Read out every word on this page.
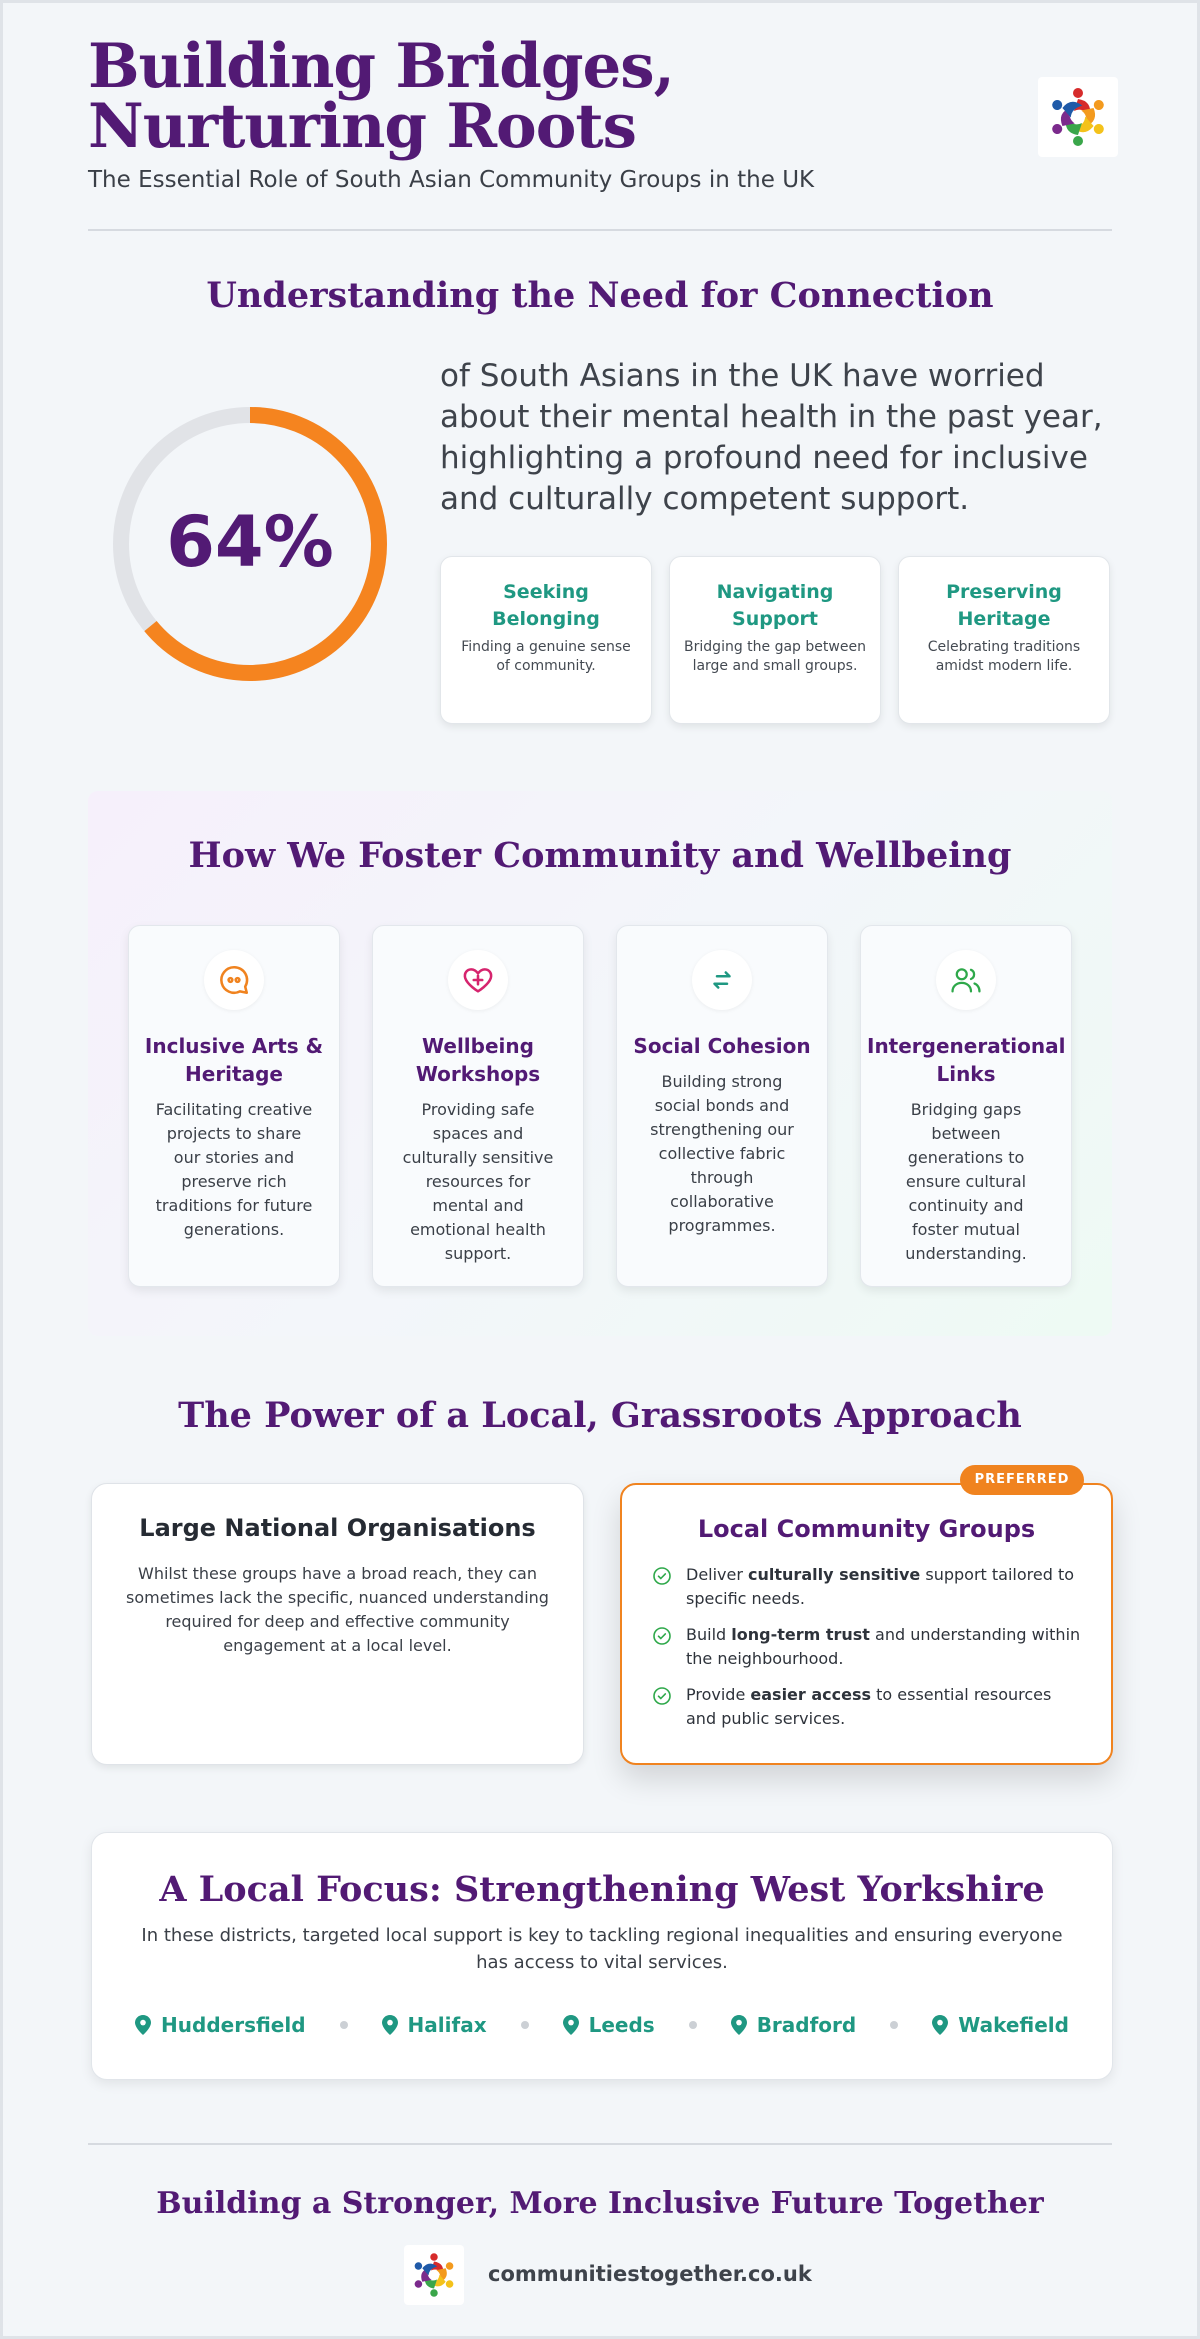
Building Bridges, Nurturing Roots
The Essential Role of South Asian Community Groups in the UK
Understanding the Need for Connection
64%
of South Asians in the UK have worried about their mental health in the past year, highlighting a profound need for inclusive and culturally competent support.
Seeking Belonging
Finding a genuine sense of community.
Navigating Support
Bridging the gap between large and small groups.
Preserving Heritage
Celebrating traditions amidst modern life.
How We Foster Community and Wellbeing
Inclusive Arts & Heritage
Facilitating creative projects to share our stories and preserve rich traditions for future generations.
Wellbeing Workshops
Providing safe spaces and culturally sensitive resources for mental and emotional health support.
Social Cohesion
Building strong social bonds and strengthening our collective fabric through collaborative programmes.
Intergenerational Links
Bridging gaps between generations to ensure cultural continuity and foster mutual understanding.
The Power of a Local, Grassroots Approach
Large National Organisations
Whilst these groups have a broad reach, they can sometimes lack the specific, nuanced understanding required for deep and effective community engagement at a local level.
PREFERRED
Local Community Groups
Deliver culturally sensitive support tailored to specific needs.
Build long-term trust and understanding within the neighbourhood.
Provide easier access to essential resources and public services.
A Local Focus: Strengthening West Yorkshire
In these districts, targeted local support is key to tackling regional inequalities and ensuring everyone has access to vital services.
Huddersfield	Halifax	Leeds	Bradford	Wakefield
Building a Stronger, More Inclusive Future Together
communitiestogether.co.uk
